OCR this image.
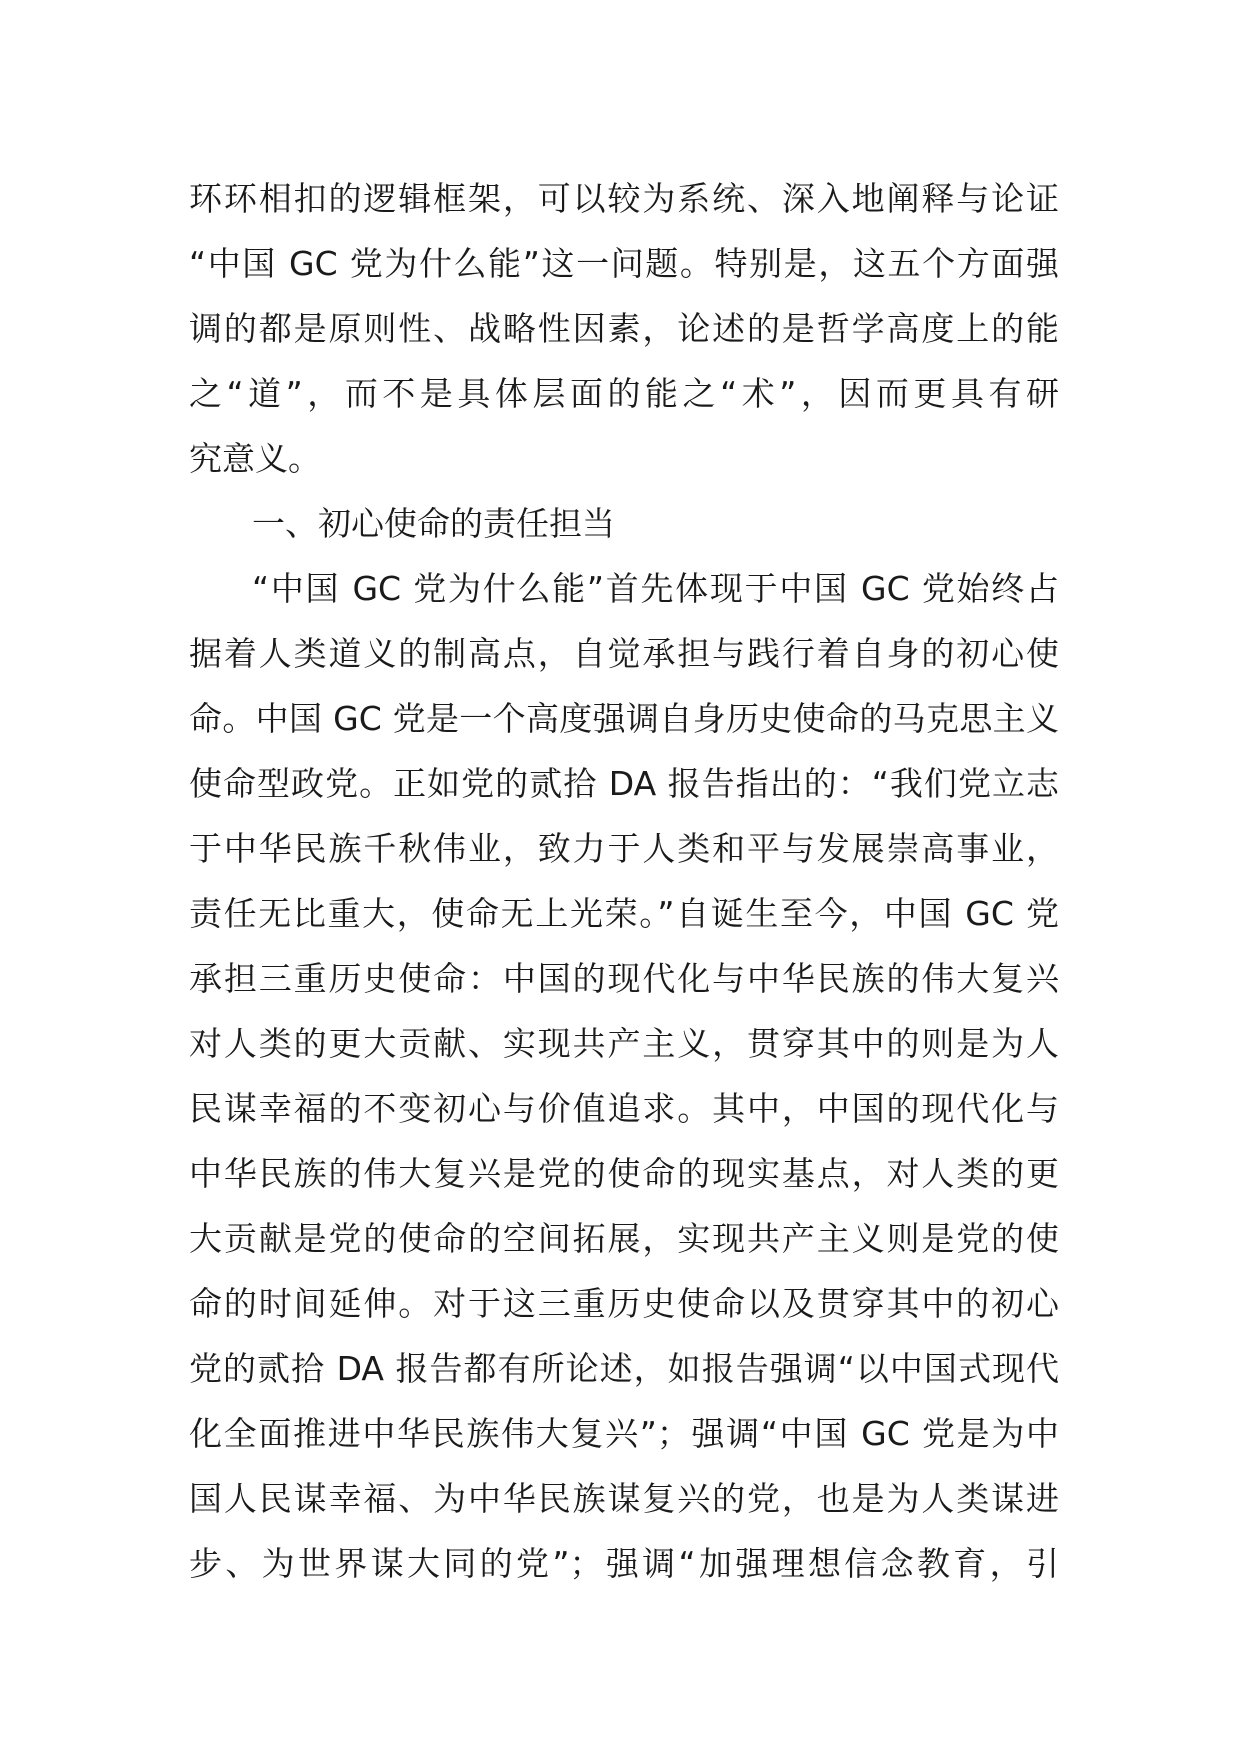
环环相扣的逻辑框架，可以较为系统、深入地阐释与论证
“中国 GC 党为什么能”这一问题。特别是，这五个方面强
调的都是原则性、战略性因素，论述的是哲学高度上的能
之“道”，而不是具体层面的能之“术”，因而更具有研
究意义。
一、初心使命的责任担当
“中国 GC 党为什么能”首先体现于中国 GC 党始终占
据着人类道义的制高点，自觉承担与践行着自身的初心使
命。中国 GC 党是一个高度强调自身历史使命的马克思主义
使命型政党。正如党的贰拾 DA 报告指出的：“我们党立志
于中华民族千秋伟业，致力于人类和平与发展崇高事业，
责任无比重大，使命无上光荣。”自诞生至今，中国 GC 党
承担三重历史使命：中国的现代化与中华民族的伟大复兴
对人类的更大贡献、实现共产主义，贯穿其中的则是为人
民谋幸福的不变初心与价值追求。其中，中国的现代化与
中华民族的伟大复兴是党的使命的现实基点，对人类的更
大贡献是党的使命的空间拓展，实现共产主义则是党的使
命的时间延伸。对于这三重历史使命以及贯穿其中的初心
党的贰拾 DA 报告都有所论述，如报告强调“以中国式现代
化全面推进中华民族伟大复兴”；强调“中国 GC 党是为中
国人民谋幸福、为中华民族谋复兴的党，也是为人类谋进
步、为世界谋大同的党”；强调“加强理想信念教育，引
